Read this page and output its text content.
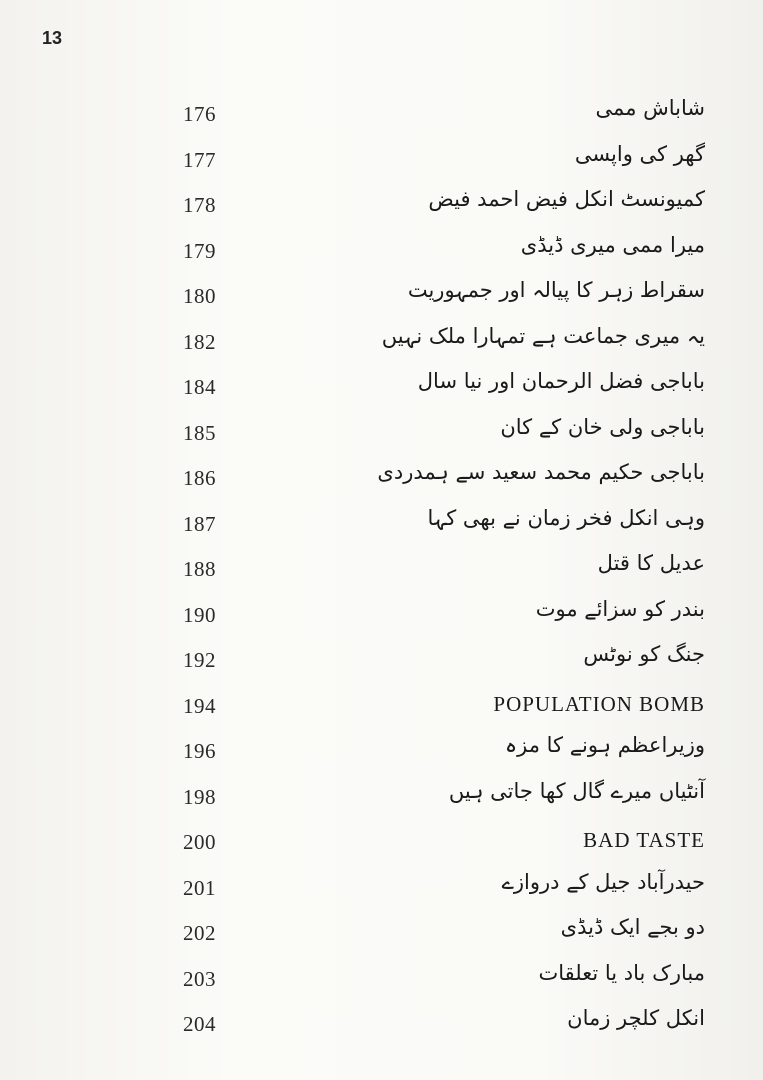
13
176	شاباش ممی
177	گھر کی واپسی
178	کمیونسٹ انکل فیض احمد فیض
179	میرا ممی میری ڈیڈی
180	سقراط زہر کا پیالہ اور جمہوریت
182	یہ میری جماعت ہے تمہارا ملک نہیں
184	باباجی فضل الرحمان اور نیا سال
185	باباجی ولی خان کے کان
186	باباجی حکیم محمد سعید سے ہمدردی
187	وہی انکل فخر زمان نے بھی کہا
188	عدیل کا قتل
190	بندر کو سزائے موت
192	جنگ کو نوٹس
194	POPULATION BOMB
196	وزیراعظم ہونے کا مزہ
198	آنٹیاں میرے گال کھا جاتی ہیں
200	BAD TASTE
201	حیدرآباد جیل کے دروازے
202	دو بجے ایک ڈیڈی
203	مبارک باد یا تعلقات
204	انکل کلچر زمان
